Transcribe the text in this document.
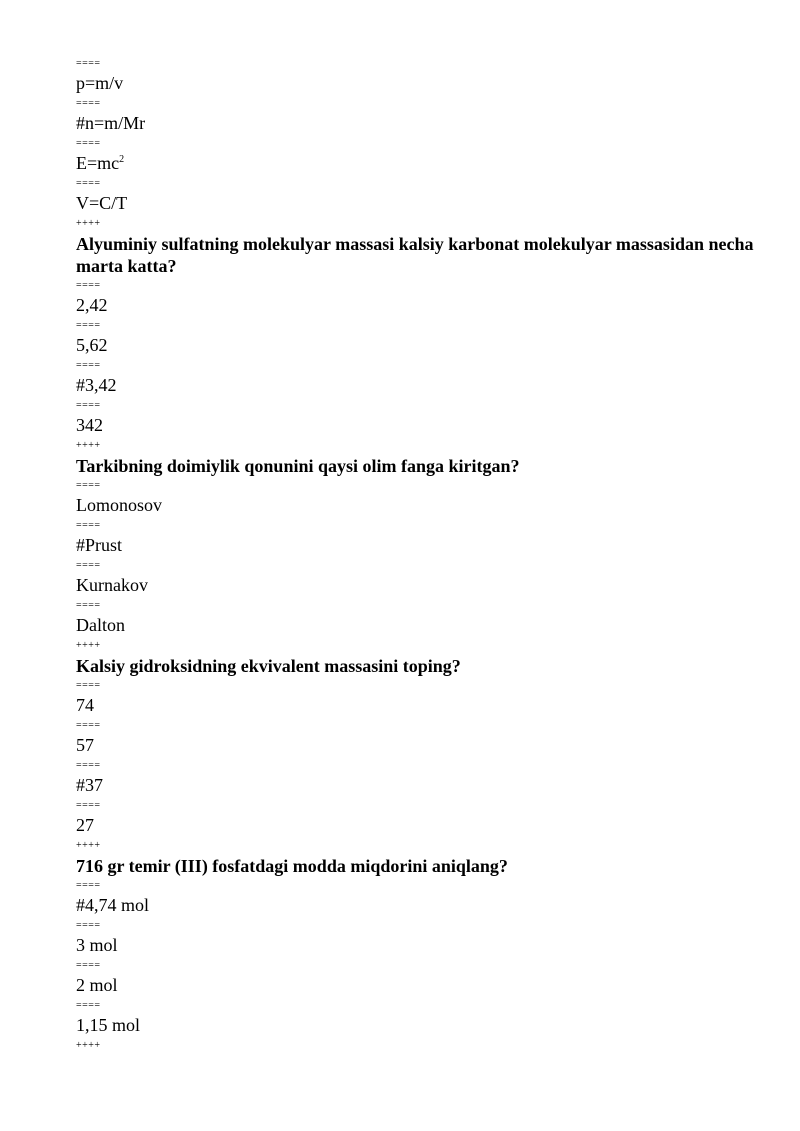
====
p=m/v
====
#n=m/Mr
====
$E=mc^2$
====
V=C/T
++++
Alyuminiy sulfatning molekulyar massasi kalsiy karbonat molekulyar massasidan necha marta katta?
====
2,42
====
5,62
====
#3,42
====
342
++++
Tarkibning doimiylik qonunini qaysi olim fanga kiritgan?
====
Lomonosov
====
#Prust
====
Kurnakov
====
Dalton
++++
Kalsiy gidroksidning ekvivalent massasini toping?
====
74
====
57
====
#37
====
27
++++
716 gr temir (III) fosfatdagi modda miqdorini aniqlang?
====
#4,74 mol
====
3 mol
====
2 mol
====
1,15 mol
++++
